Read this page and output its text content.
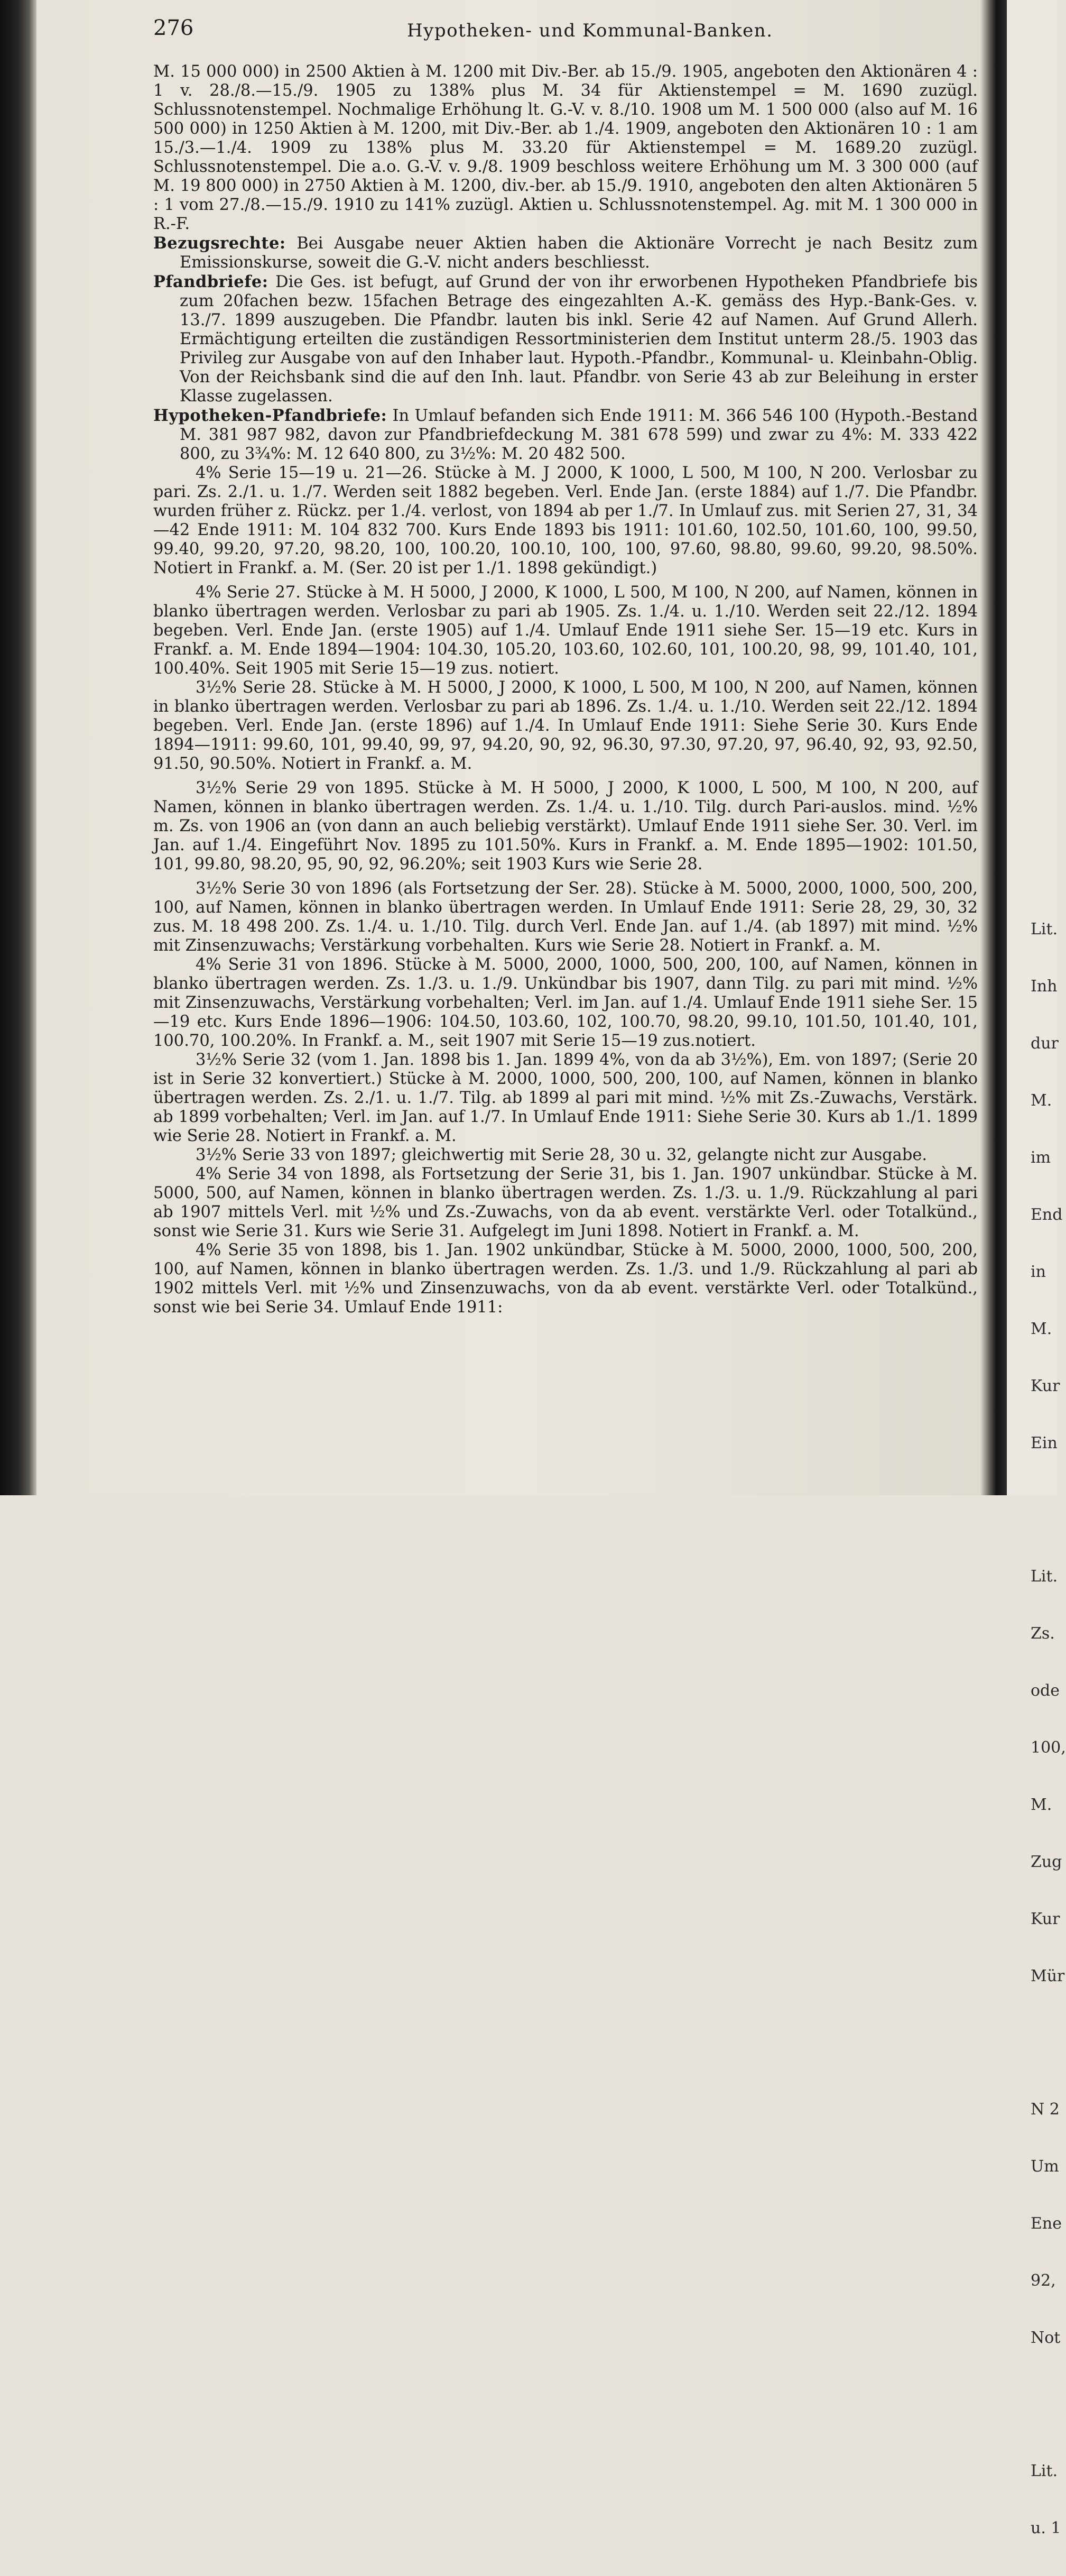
276	Hypotheken- und Kommunal-Banken.

M. 15 000 000) in 2500 Aktien à M. 1200 mit Div.-Ber. ab 15./9. 1905, angeboten den Aktionären 4 : 1 v. 28./8.—15./9. 1905 zu 138% plus M. 34 für Aktienstempel = M. 1690 zuzügl. Schlussnotenstempel. Nochmalige Erhöhung lt. G.-V. v. 8./10. 1908 um M. 1 500 000 (also auf M. 16 500 000) in 1250 Aktien à M. 1200, mit Div.-Ber. ab 1./4. 1909, angeboten den Aktionären 10 : 1 am 15./3.—1./4. 1909 zu 138% plus M. 33.20 für Aktienstempel = M. 1689.20 zuzügl. Schlussnotenstempel. Die a.o. G.-V. v. 9./8. 1909 beschloss weitere Erhöhung um M. 3 300 000 (auf M. 19 800 000) in 2750 Aktien à M. 1200, div.-ber. ab 15./9. 1910, angeboten den alten Aktionären 5 : 1 vom 27./8.—15./9. 1910 zu 141% zuzügl. Aktien u. Schlussnotenstempel. Ag. mit M. 1 300 000 in R.-F.

Bezugsrechte: Bei Ausgabe neuer Aktien haben die Aktionäre Vorrecht je nach Besitz zum Emissionskurse, soweit die G.-V. nicht anders beschliesst.

Pfandbriefe: Die Ges. ist befugt, auf Grund der von ihr erworbenen Hypotheken Pfandbriefe bis zum 20fachen bezw. 15fachen Betrage des eingezahlten A.-K. gemäss des Hyp.-Bank-Ges. v. 13./7. 1899 auszugeben. Die Pfandbr. lauten bis inkl. Serie 42 auf Namen. Auf Grund Allerh. Ermächtigung erteilten die zuständigen Ressortministerien dem Institut unterm 28./5. 1903 das Privileg zur Ausgabe von auf den Inhaber laut. Hypoth.-Pfandbr., Kommunal- u. Kleinbahn-Oblig. Von der Reichsbank sind die auf den Inh. laut. Pfandbr. von Serie 43 ab zur Beleihung in erster Klasse zugelassen.

Hypotheken-Pfandbriefe: In Umlauf befanden sich Ende 1911: M. 366 546 100 (Hypoth.-Bestand M. 381 987 982, davon zur Pfandbriefdeckung M. 381 678 599) und zwar zu 4%: M. 333 422 800, zu 3¾%: M. 12 640 800, zu 3½%: M. 20 482 500.

4% Serie 15—19 u. 21—26. Stücke à M. J 2000, K 1000, L 500, M 100, N 200. Verlosbar zu pari. Zs. 2./1. u. 1./7. Werden seit 1882 begeben. Verl. Ende Jan. (erste 1884) auf 1./7. Die Pfandbr. wurden früher z. Rückz. per 1./4. verlost, von 1894 ab per 1./7. In Umlauf zus. mit Serien 27, 31, 34—42 Ende 1911: M. 104 832 700. Kurs Ende 1893 bis 1911: 101.60, 102.50, 101.60, 100, 99.50, 99.40, 99.20, 97.20, 98.20, 100, 100.20, 100.10, 100, 100, 97.60, 98.80, 99.60, 99.20, 98.50%. Notiert in Frankf. a. M. (Ser. 20 ist per 1./1. 1898 gekündigt.)

4% Serie 27. Stücke à M. H 5000, J 2000, K 1000, L 500, M 100, N 200, auf Namen, können in blanko übertragen werden. Verlosbar zu pari ab 1905. Zs. 1./4. u. 1./10. Werden seit 22./12. 1894 begeben. Verl. Ende Jan. (erste 1905) auf 1./4. Umlauf Ende 1911 siehe Ser. 15—19 etc. Kurs in Frankf. a. M. Ende 1894—1904: 104.30, 105.20, 103.60, 102.60, 101, 100.20, 98, 99, 101.40, 101, 100.40%. Seit 1905 mit Serie 15—19 zus. notiert.

3½% Serie 28. Stücke à M. H 5000, J 2000, K 1000, L 500, M 100, N 200, auf Namen, können in blanko übertragen werden. Verlosbar zu pari ab 1896. Zs. 1./4. u. 1./10. Werden seit 22./12. 1894 begeben. Verl. Ende Jan. (erste 1896) auf 1./4. In Umlauf Ende 1911: Siehe Serie 30. Kurs Ende 1894—1911: 99.60, 101, 99.40, 99, 97, 94.20, 90, 92, 96.30, 97.30, 97.20, 97, 96.40, 92, 93, 92.50, 91.50, 90.50%. Notiert in Frankf. a. M.

3½% Serie 29 von 1895. Stücke à M. H 5000, J 2000, K 1000, L 500, M 100, N 200, auf Namen, können in blanko übertragen werden. Zs. 1./4. u. 1./10. Tilg. durch Pari-auslos. mind. ½% m. Zs. von 1906 an (von dann an auch beliebig verstärkt). Umlauf Ende 1911 siehe Ser. 30. Verl. im Jan. auf 1./4. Eingeführt Nov. 1895 zu 101.50%. Kurs in Frankf. a. M. Ende 1895—1902: 101.50, 101, 99.80, 98.20, 95, 90, 92, 96.20%; seit 1903 Kurs wie Serie 28.

3½% Serie 30 von 1896 (als Fortsetzung der Ser. 28). Stücke à M. 5000, 2000, 1000, 500, 200, 100, auf Namen, können in blanko übertragen werden. In Umlauf Ende 1911: Serie 28, 29, 30, 32 zus. M. 18 498 200. Zs. 1./4. u. 1./10. Tilg. durch Verl. Ende Jan. auf 1./4. (ab 1897) mit mind. ½% mit Zinsenzuwachs; Verstärkung vorbehalten. Kurs wie Serie 28. Notiert in Frankf. a. M.

4% Serie 31 von 1896. Stücke à M. 5000, 2000, 1000, 500, 200, 100, auf Namen, können in blanko übertragen werden. Zs. 1./3. u. 1./9. Unkündbar bis 1907, dann Tilg. zu pari mit mind. ½% mit Zinsenzuwachs, Verstärkung vorbehalten; Verl. im Jan. auf 1./4. Umlauf Ende 1911 siehe Ser. 15—19 etc. Kurs Ende 1896—1906: 104.50, 103.60, 102, 100.70, 98.20, 99.10, 101.50, 101.40, 101, 100.70, 100.20%. In Frankf. a. M., seit 1907 mit Serie 15—19 zus.notiert.

3½% Serie 32 (vom 1. Jan. 1898 bis 1. Jan. 1899 4%, von da ab 3½%), Em. von 1897; (Serie 20 ist in Serie 32 konvertiert.) Stücke à M. 2000, 1000, 500, 200, 100, auf Namen, können in blanko übertragen werden. Zs. 2./1. u. 1./7. Tilg. ab 1899 al pari mit mind. ½% mit Zs.-Zuwachs, Verstärk. ab 1899 vorbehalten; Verl. im Jan. auf 1./7. In Umlauf Ende 1911: Siehe Serie 30. Kurs ab 1./1. 1899 wie Serie 28. Notiert in Frankf. a. M.

3½% Serie 33 von 1897; gleichwertig mit Serie 28, 30 u. 32, gelangte nicht zur Ausgabe.

4% Serie 34 von 1898, als Fortsetzung der Serie 31, bis 1. Jan. 1907 unkündbar. Stücke à M. 5000, 500, auf Namen, können in blanko übertragen werden. Zs. 1./3. u. 1./9. Rückzahlung al pari ab 1907 mittels Verl. mit ½% und Zs.-Zuwachs, von da ab event. verstärkte Verl. oder Totalkünd., sonst wie Serie 31. Kurs wie Serie 31. Aufgelegt im Juni 1898. Notiert in Frankf. a. M.

4% Serie 35 von 1898, bis 1. Jan. 1902 unkündbar, Stücke à M. 5000, 2000, 1000, 500, 200, 100, auf Namen, können in blanko übertragen werden. Zs. 1./3. und 1./9. Rückzahlung al pari ab 1902 mittels Verl. mit ½% und Zinsenzuwachs, von da ab event. verstärkte Verl. oder Totalkünd., sonst wie bei Serie 34. Umlauf Ende 1911:

Lit.

Inh

dur

M.

im

End

in

M.

Kur

Ein

Lit.

Zs.

ode

100,

M.

Zug

Kur

Mür

N 2

Um

Ene

92,

Not

Lit.

u. 1
